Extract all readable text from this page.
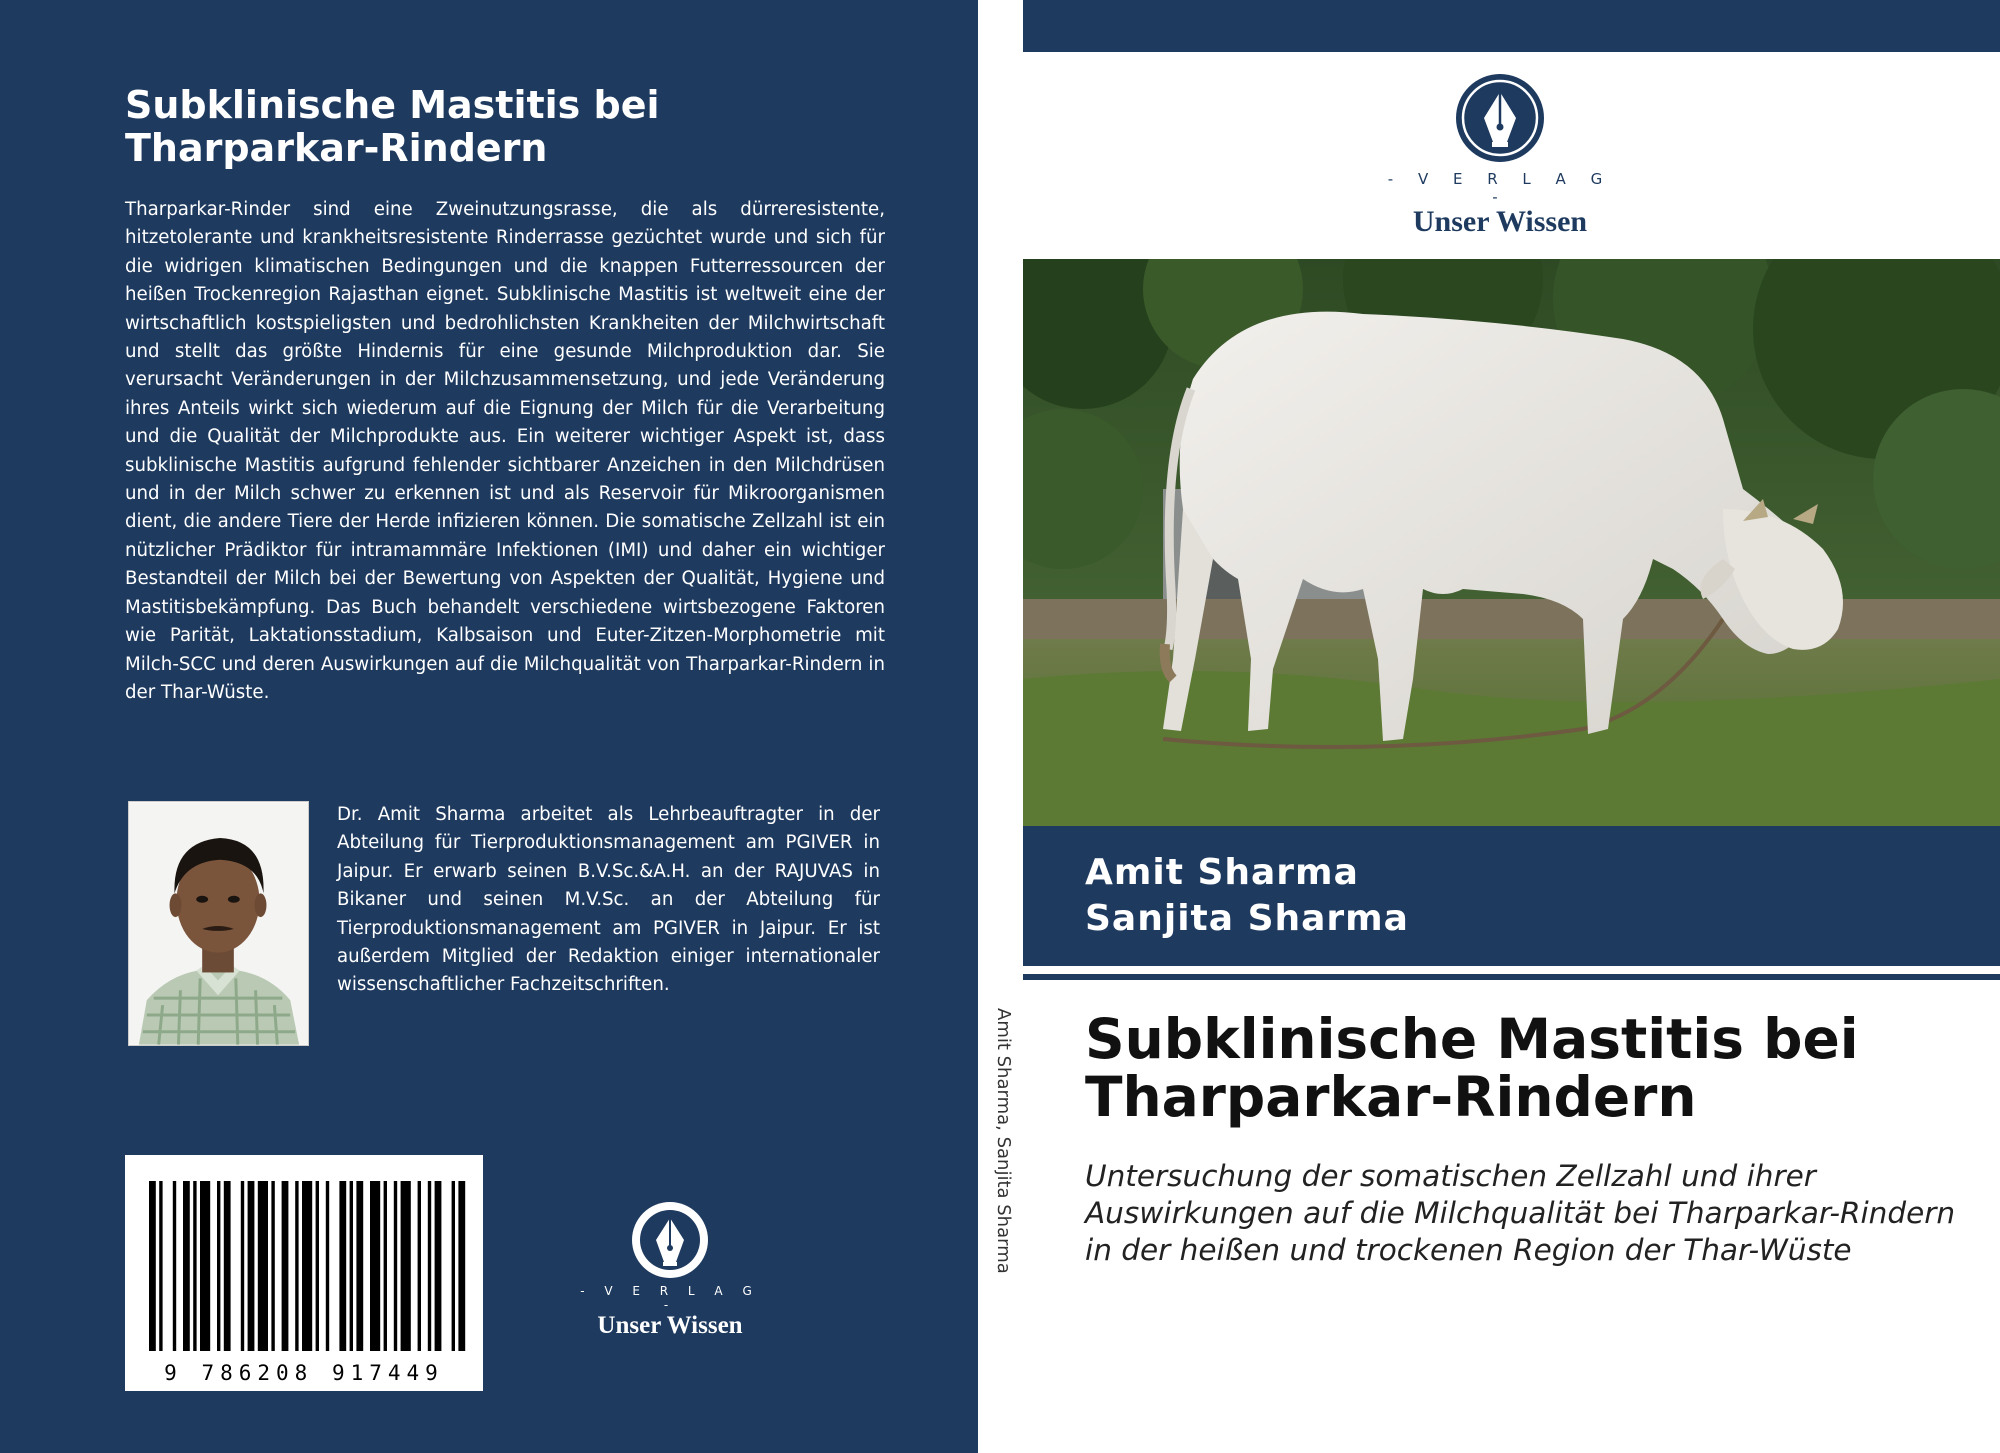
Subklinische Mastitis bei Tharparkar-Rindern
Tharparkar-Rinder sind eine Zweinutzungsrasse, die als dürreresistente, hitzetolerante und krankheitsresistente Rinderrasse gezüchtet wurde und sich für die widrigen klimatischen Bedingungen und die knappen Futterressourcen der heißen Trockenregion Rajasthan eignet. Subklinische Mastitis ist weltweit eine der wirtschaftlich kostspieligsten und bedrohlichsten Krankheiten der Milchwirtschaft und stellt das größte Hindernis für eine gesunde Milchproduktion dar. Sie verursacht Veränderungen in der Milchzusammensetzung, und jede Veränderung ihres Anteils wirkt sich wiederum auf die Eignung der Milch für die Verarbeitung und die Qualität der Milchprodukte aus. Ein weiterer wichtiger Aspekt ist, dass subklinische Mastitis aufgrund fehlender sichtbarer Anzeichen in den Milchdrüsen und in der Milch schwer zu erkennen ist und als Reservoir für Mikroorganismen dient, die andere Tiere der Herde infizieren können. Die somatische Zellzahl ist ein nützlicher Prädiktor für intramammäre Infektionen (IMI) und daher ein wichtiger Bestandteil der Milch bei der Bewertung von Aspekten der Qualität, Hygiene und Mastitisbekämpfung. Das Buch behandelt verschiedene wirtsbezogene Faktoren wie Parität, Laktationsstadium, Kalbsaison und Euter-Zitzen-Morphometrie mit Milch-SCC und deren Auswirkungen auf die Milchqualität von Tharparkar-Rindern in der Thar-Wüste.
Dr. Amit Sharma arbeitet als Lehrbeauftragter in der Abteilung für Tierproduktionsmanagement am PGIVER in Jaipur. Er erwarb seinen B.V.Sc.&A.H. an der RAJUVAS in Bikaner und seinen M.V.Sc. an der Abteilung für Tierproduktionsmanagement am PGIVER in Jaipur. Er ist außerdem Mitglied der Redaktion einiger internationaler wissenschaftlicher Fachzeitschriften.
9 786208 917449
- V E R L A G -
Unser Wissen
Amit Sharma, Sanjita Sharma
- V E R L A G -
Unser Wissen
Amit Sharma
Sanjita Sharma
Subklinische Mastitis bei Tharparkar-Rindern
Untersuchung der somatischen Zellzahl und ihrer Auswirkungen auf die Milchqualität bei Tharparkar-Rindern in der heißen und trockenen Region der Thar-Wüste
